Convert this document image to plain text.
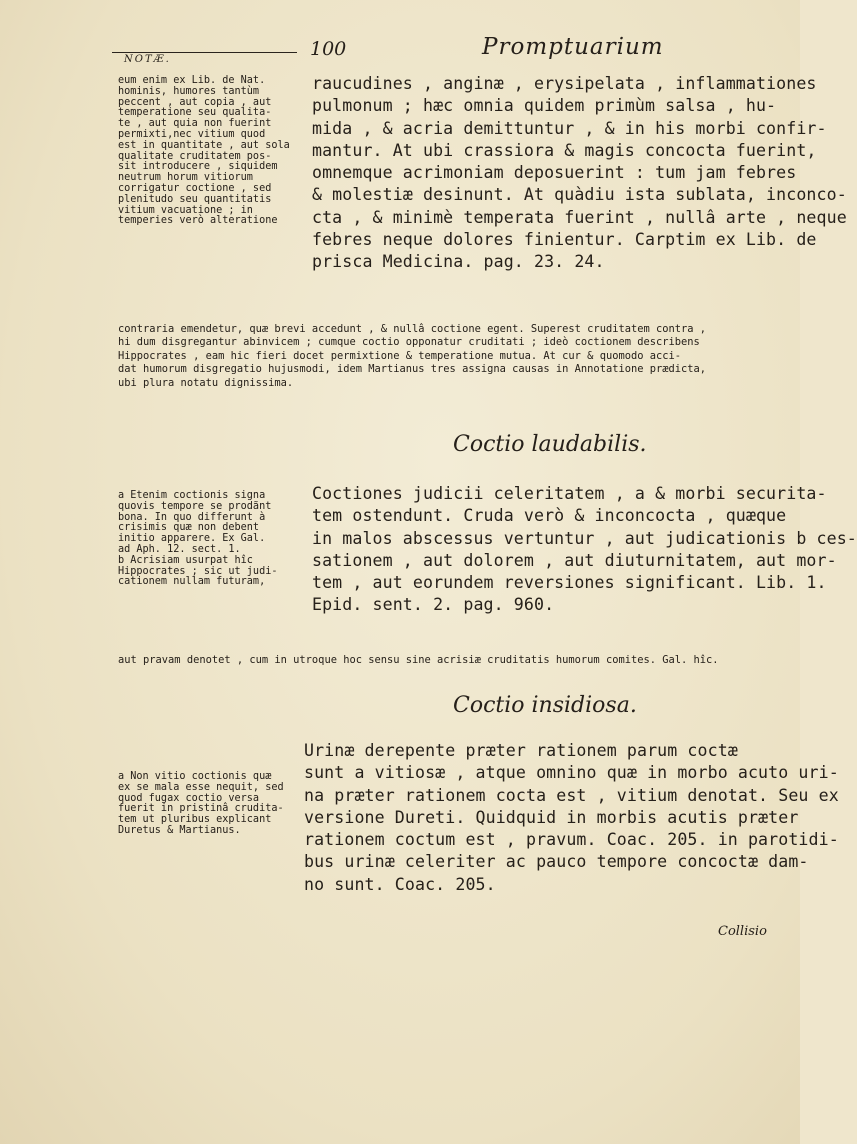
NOTÆ.	100	Promptuarium
eum enim ex Lib. de Nat.
hominis, humores tantùm
peccent , aut copia , aut
temperatione seu qualita-
te , aut quia non fuerint
permixti,nec vitium quod
est in quantitate , aut sola
qualitate cruditatem pos-
sit introducere , siquidem
neutrum horum vitiorum
corrigatur coctione , sed
plenitudo seu quantitatis
vitium vacuatione ; in
temperies verò alteratione
raucudines , anginæ , erysipelata , inflammationes
pulmonum ; hæc omnia quidem primùm salsa , hu-
mida , & acria demittuntur , & in his morbi confir-
mantur. At ubi crassiora & magis concocta fuerint,
omnemque acrimoniam deposuerint : tum jam febres
& molestiæ desinunt. At quàdiu ista sublata, inconco-
cta , & minimè temperata fuerint , nullâ arte , neque
febres neque dolores finientur. Carptim ex Lib. de
prisca Medicina. pag. 23. 24.
contraria emendetur, quæ brevi accedunt , & nullâ coctione egent. Superest cruditatem contra ,
hi dum disgregantur abinvicem ; cumque coctio opponatur cruditati ; ideò coctionem describens
Hippocrates , eam hic fieri docet permixtione & temperatione mutua. At cur & quomodo acci-
dat humorum disgregatio hujusmodi, idem Martianus tres assigna causas in Annotatione prædicta,
ubi plura notatu dignissima.
Coctio laudabilis.
a Etenim coctionis signa
quovis tempore se prodãnt
bona. In quo differunt à
crisimis quæ non debent
initio apparere. Ex Gal.
ad Aph. 12. sect. 1.
b Acrisiam usurpat hîc
Hippocrates ; sic ut judi-
cationem nullam futuram,
Coctiones judicii celeritatem , a & morbi securita-
tem ostendunt. Cruda verò & inconcocta , quæque
in malos abscessus vertuntur , aut judicationis b ces-
sationem , aut dolorem , aut diuturnitatem, aut mor-
tem , aut eorundem reversiones significant. Lib. 1.
Epid. sent. 2. pag. 960.
aut pravam denotet , cum in utroque hoc sensu sine acrisiæ cruditatis humorum comites. Gal. hîc.
Coctio insidiosa.
a Non vitio coctionis quæ
ex se mala esse nequit, sed
quod fugax coctio versa
fuerit in pristinâ crudita-
tem ut pluribus explicant
Duretus & Martianus.
Urinæ derepente præter rationem parum coctæ
sunt a vitiosæ , atque omnino quæ in morbo acuto uri-
na præter rationem cocta est , vitium denotat. Seu ex
versione Dureti. Quidquid in morbis acutis præter
rationem coctum est , pravum. Coac. 205. in parotidi-
bus urinæ celeriter ac pauco tempore concoctæ dam-
no sunt. Coac. 205.
Collisio
